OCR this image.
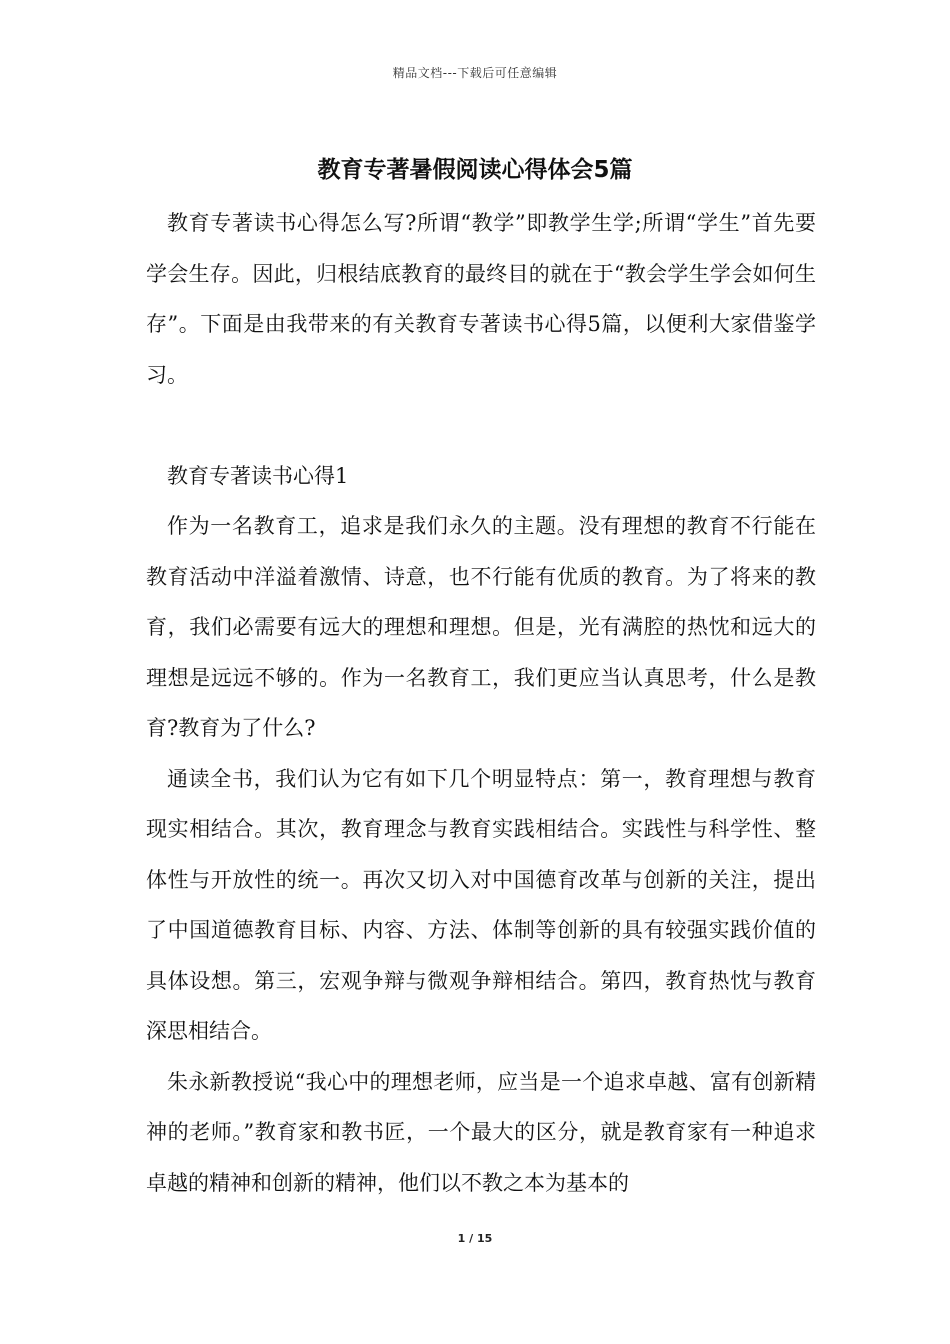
精品文档---下载后可任意编辑
教育专著暑假阅读心得体会5篇

教育专著读书心得怎么写?所谓“教学”即教学生学;所谓“学生”首先要学会生存。因此，归根结底教育的最终目的就在于“教会学生学会如何生存”。下面是由我带来的有关教育专著读书心得5篇，以便利大家借鉴学习。

教育专著读书心得1

作为一名教育工，追求是我们永久的主题。没有理想的教育不行能在教育活动中洋溢着激情、诗意，也不行能有优质的教育。为了将来的教育，我们必需要有远大的理想和理想。但是，光有满腔的热忱和远大的理想是远远不够的。作为一名教育工，我们更应当认真思考，什么是教育?教育为了什么?

通读全书，我们认为它有如下几个明显特点：第一，教育理想与教育现实相结合。其次，教育理念与教育实践相结合。实践性与科学性、整体性与开放性的统一。再次又切入对中国德育改革与创新的关注，提出了中国道德教育目标、内容、方法、体制等创新的具有较强实践价值的具体设想。第三，宏观争辩与微观争辩相结合。第四，教育热忱与教育深思相结合。

朱永新教授说“我心中的理想老师，应当是一个追求卓越、富有创新精神的老师。”教育家和教书匠，一个最大的区分，就是教育家有一种追求卓越的精神和创新的精神，他们以不教之本为基本的

1 / 15
